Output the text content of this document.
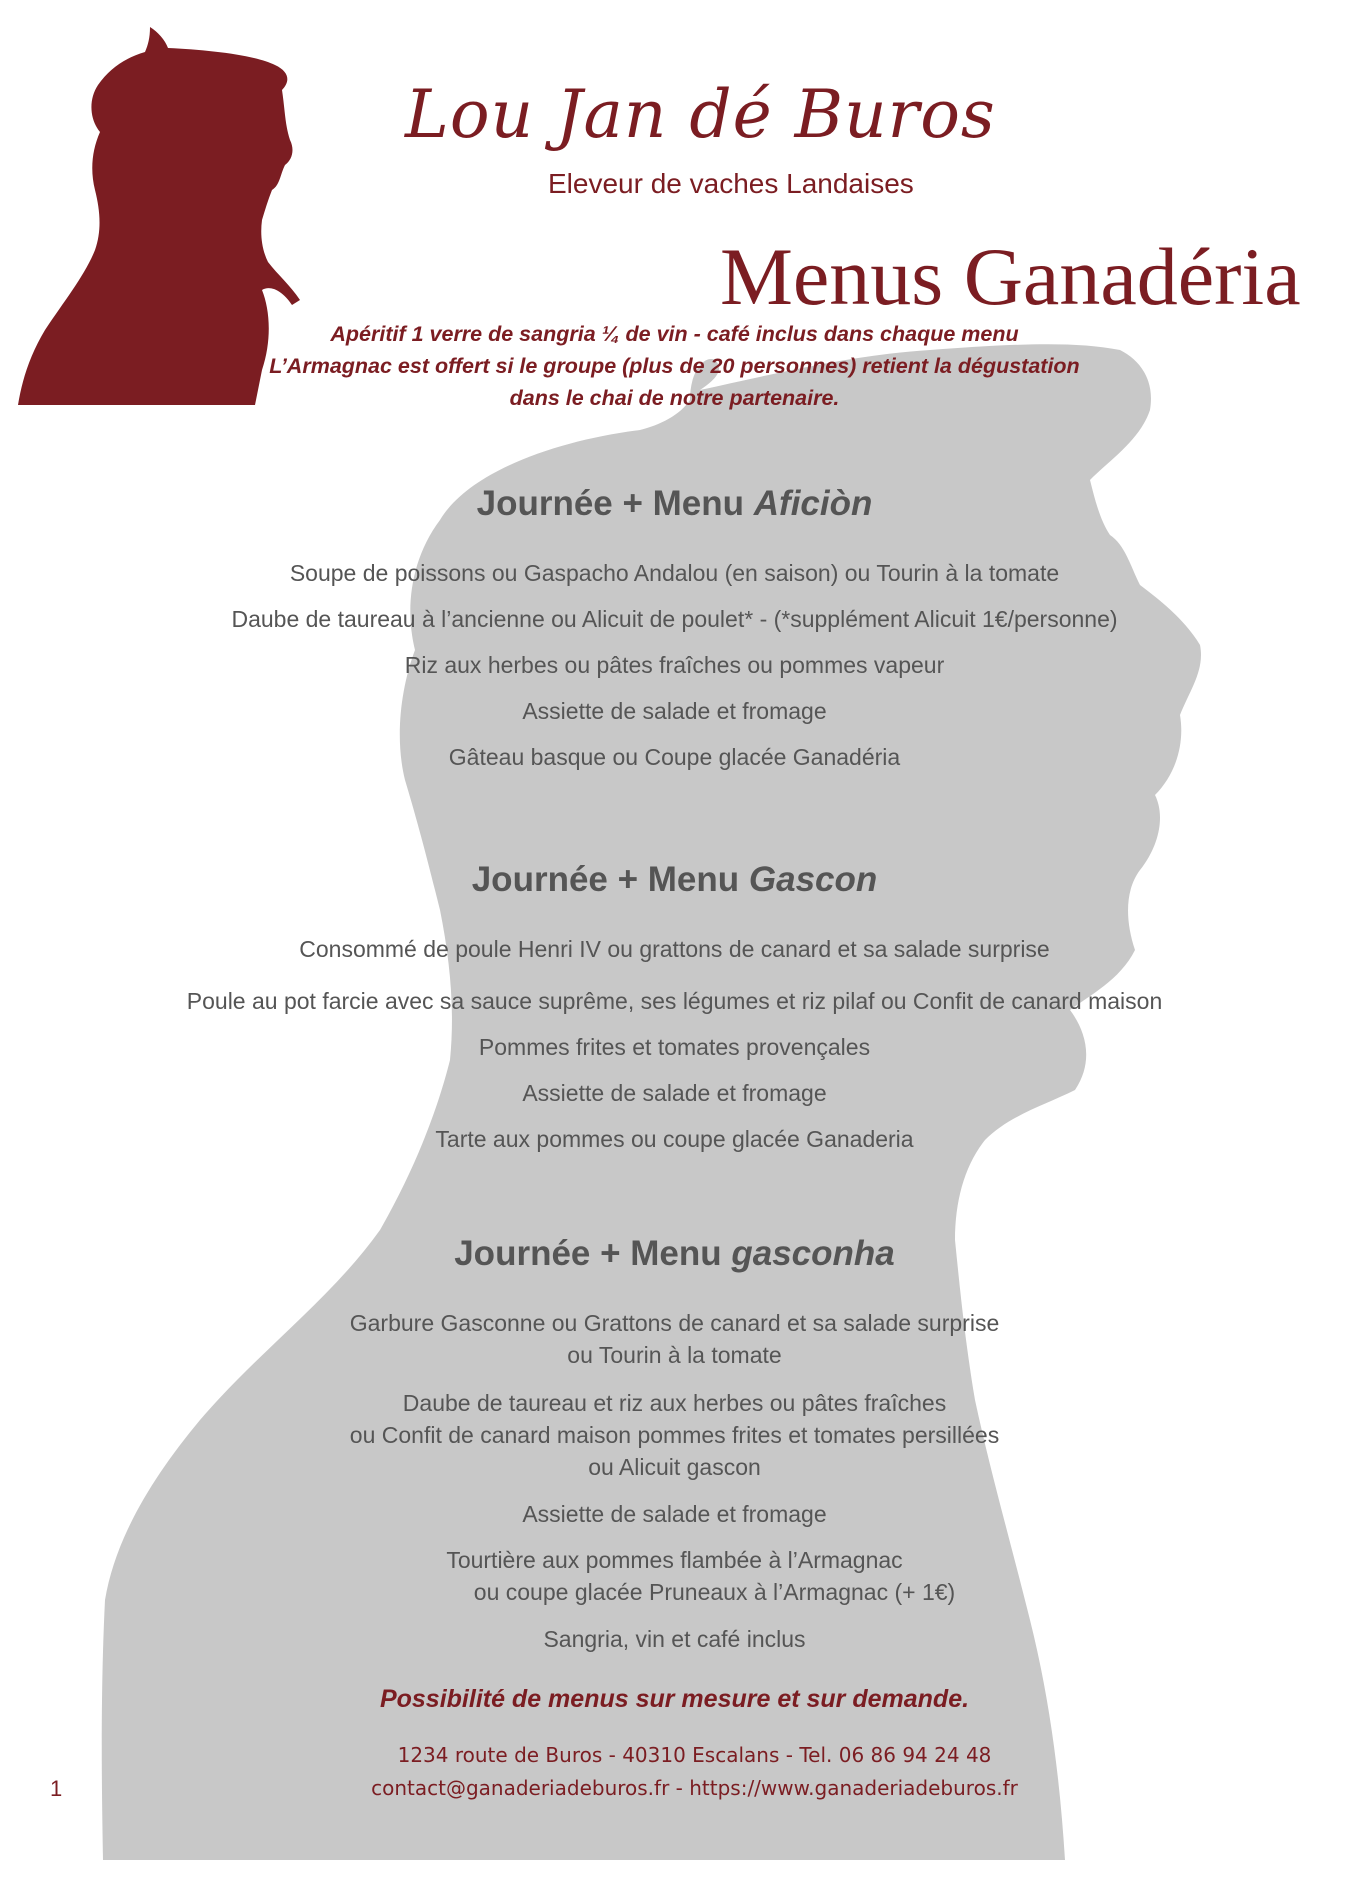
Lou Jan dé Buros
Eleveur de vaches Landaises
Menus Ganadéria
Apéritif 1 verre de sangria ¼ de vin - café inclus dans chaque menu
L’Armagnac est offert si le groupe (plus de 20 personnes) retient la dégustation
dans le chai de notre partenaire.
Journée + Menu Aficiòn
Soupe de poissons ou Gaspacho Andalou (en saison) ou Tourin à la tomate
Daube de taureau à l’ancienne ou Alicuit de poulet* - (*supplément Alicuit 1€/personne)
Riz aux herbes ou pâtes fraîches ou pommes vapeur
Assiette de salade et fromage
Gâteau basque ou Coupe glacée Ganadéria
Journée + Menu Gascon
Consommé de poule Henri IV ou grattons de canard et sa salade surprise
Poule au pot farcie avec sa sauce suprême, ses légumes et riz pilaf ou Confit de canard maison
Pommes frites et tomates provençales
Assiette de salade et fromage
Tarte aux pommes ou coupe glacée Ganaderia
Journée + Menu gasconha
Garbure Gasconne ou Grattons de canard et sa salade surprise
ou Tourin à la tomate
Daube de taureau et riz aux herbes ou pâtes fraîches
ou Confit de canard maison pommes frites et tomates persillées
ou Alicuit gascon
Assiette de salade et fromage
Tourtière aux pommes flambée à l’Armagnac
ou coupe glacée Pruneaux à l’Armagnac (+ 1€)
Sangria, vin et café inclus
Possibilité de menus sur mesure et sur demande.
1234 route de Buros - 40310 Escalans - Tel. 06 86 94 24 48
contact@ganaderiadeburos.fr - https://www.ganaderiadeburos.fr
1
